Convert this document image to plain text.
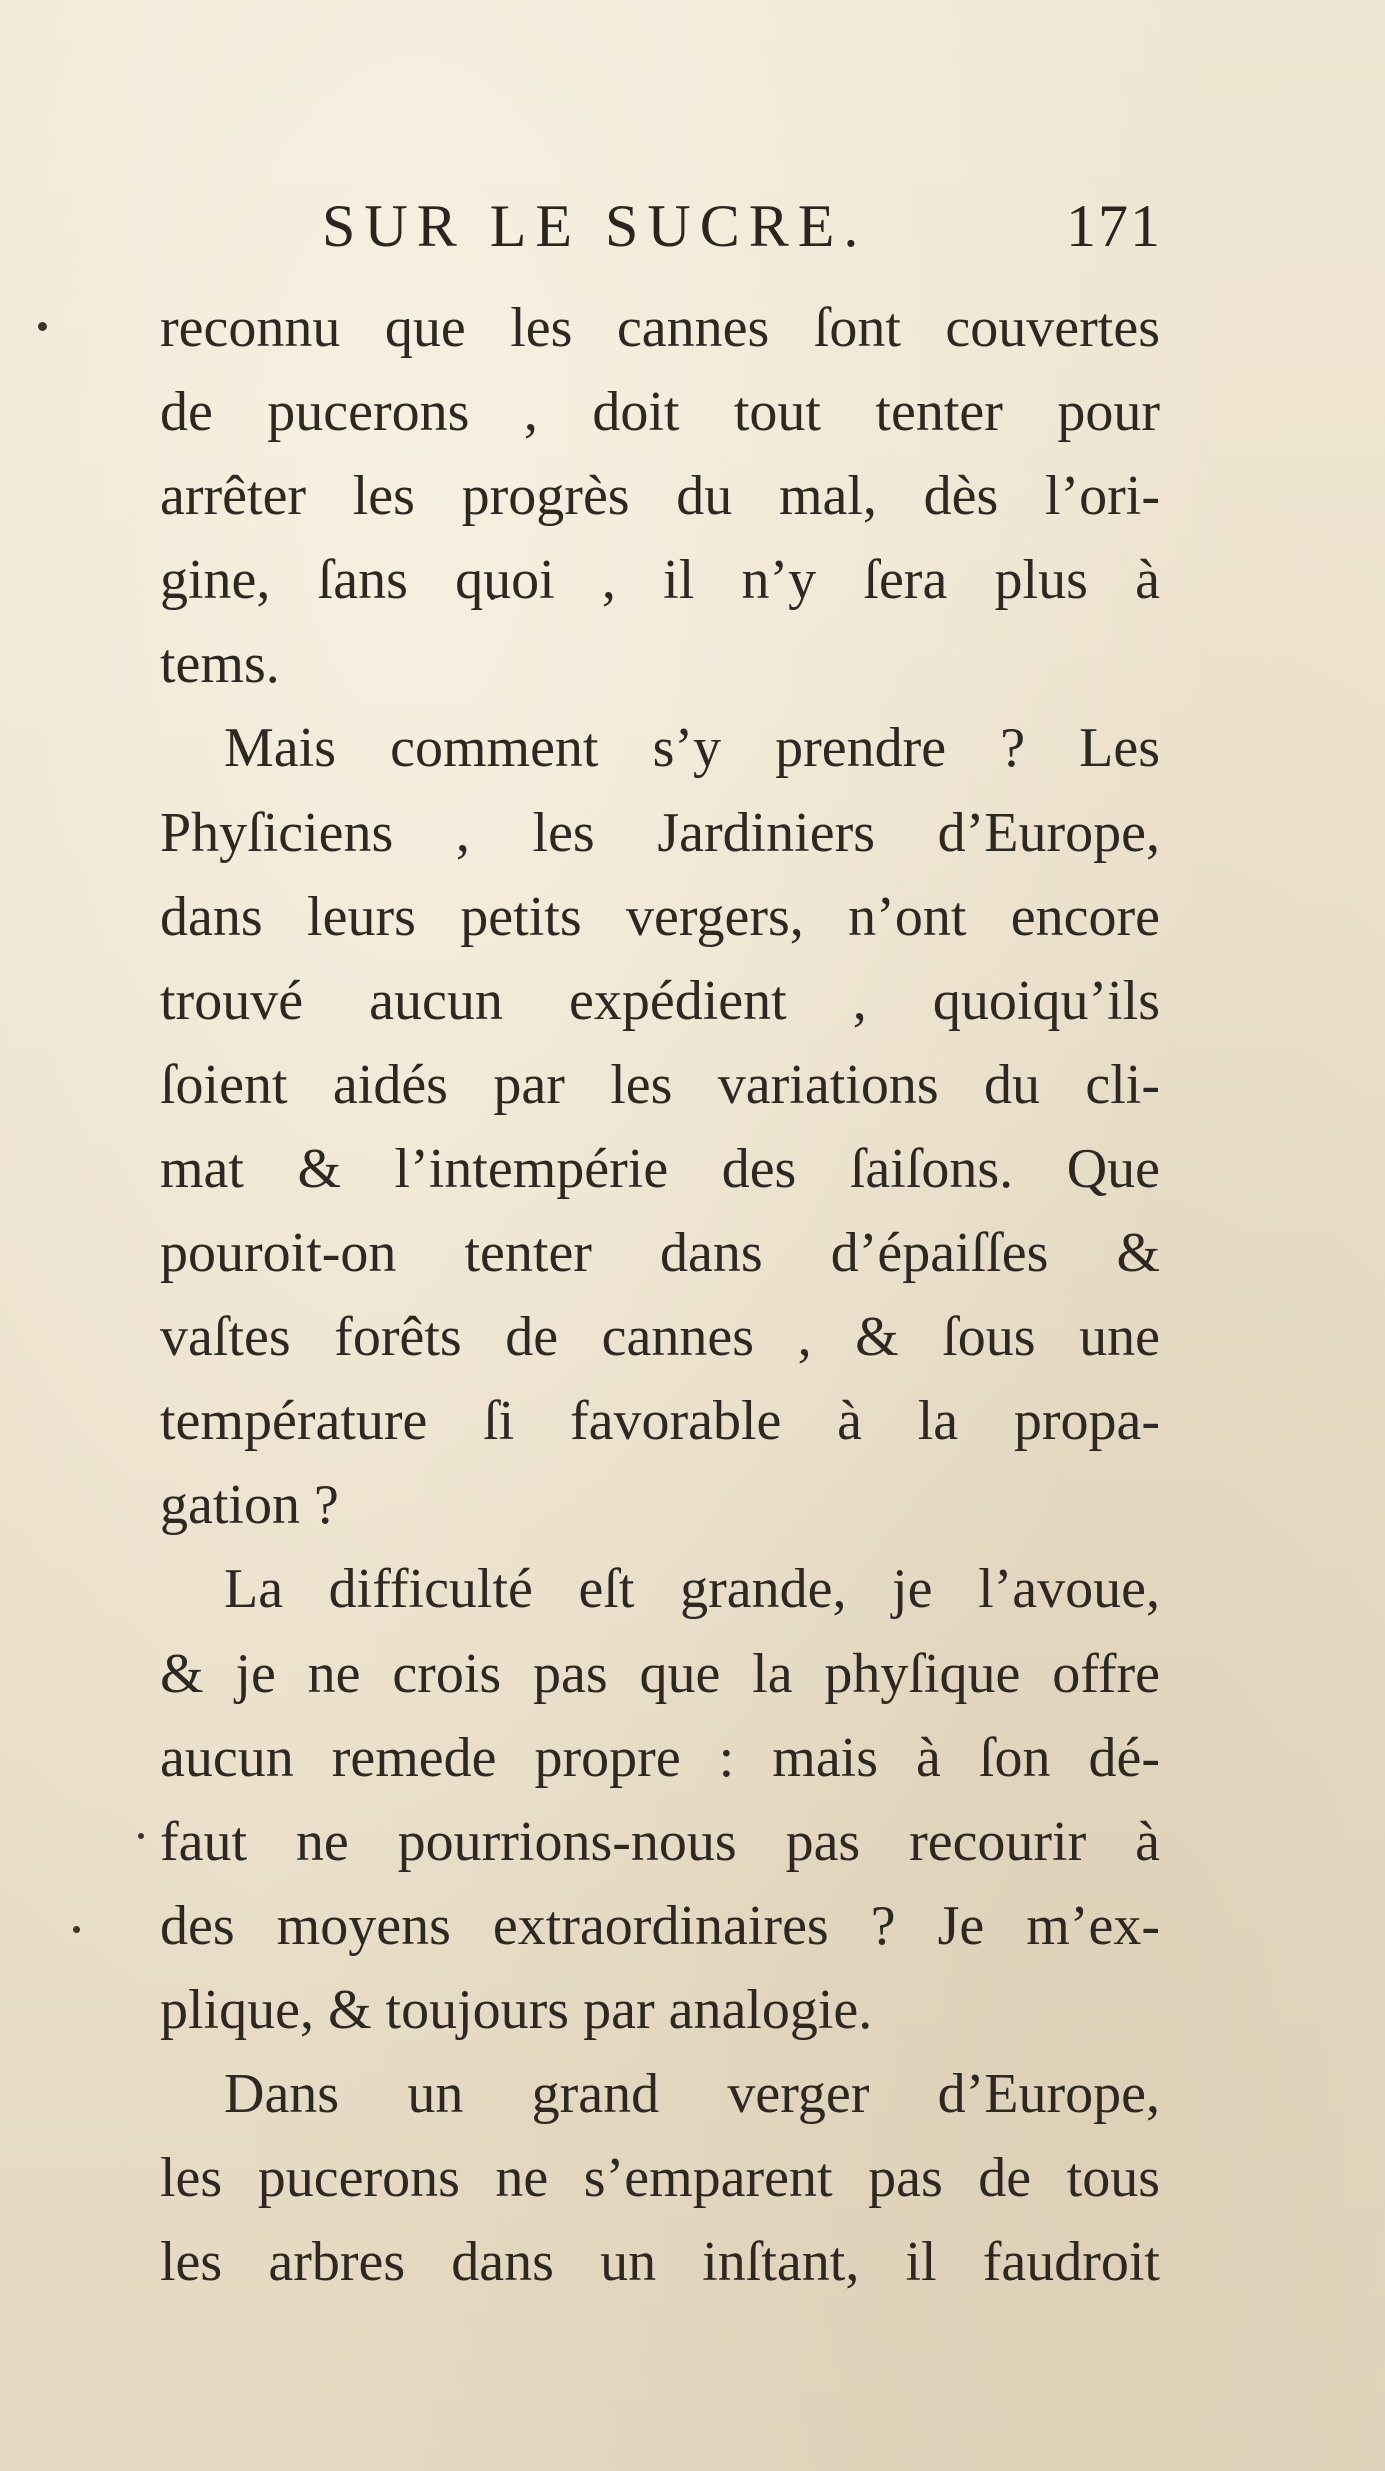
SUR LE SUCRE.	171
reconnu que les cannes ſont couvertes
de pucerons , doit tout tenter pour
arrêter les progrès du mal, dès l’ori-
gine, ſans quoi , il n’y ſera plus à
tems.
Mais comment s’y prendre ? Les
Phyſiciens , les Jardiniers d’Europe,
dans leurs petits vergers, n’ont encore
trouvé aucun expédient , quoiqu’ils
ſoient aidés par les variations du cli-
mat & l’intempérie des ſaiſons. Que
pouroit-on tenter dans d’épaiſſes &
vaſtes forêts de cannes , & ſous une
température ſi favorable à la propa-
gation ?
La difficulté eſt grande, je l’avoue,
& je ne crois pas que la phyſique offre
aucun remede propre : mais à ſon dé-
faut ne pourrions-nous pas recourir à
des moyens extraordinaires ? Je m’ex-
plique, & toujours par analogie.
Dans un grand verger d’Europe,
les pucerons ne s’emparent pas de tous
les arbres dans un inſtant, il faudroit
